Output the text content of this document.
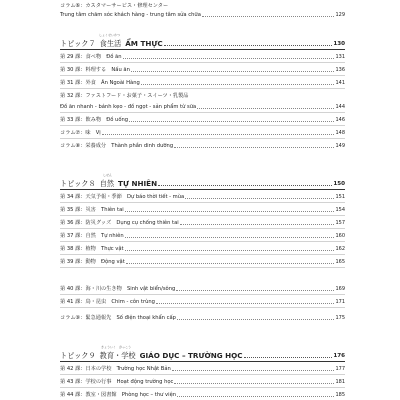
コラム⑥：カスタマーサービス・修理センター
Trung tâm chăm sóc khách hàng - trung tâm sửa chữa	129
しょくせいかつ
トピック７ 食生活 ẨM THỰC	130
第 29 課：食べ物　Đồ ăn	131
第 30 課：料理する　Nấu ăn	136
第 31 課：外食　Ăn Ngoài Hàng	141
第 32 課：ファストフード・お菓子・スイーツ・乳製品
Đồ ăn nhanh - bánh kẹo - đồ ngọt - sản phẩm từ sữa	144
第 33 課：飲み物　Đồ uống	146
コラム⑦：味　Vị	148
コラム⑧：栄養成分　Thành phần dinh dưỡng	149
しぜん
トピック８ 自然 TỰ NHIÊN	150
第 34 課：天気予報・季節　Dự báo thời tiết - mùa	151
第 35 課：災害　Thiên tai	154
第 36 課：防災グッズ　Dụng cụ chống thiên tai	157
第 37 課：自然　Tự nhiên	160
第 38 課：植物　Thực vật	162
第 39 課：動物　Động vật	165
第 40 課：海・川の生き物　Sinh vật biển/sông	169
第 41 課：鳥・昆虫　Chim - côn trùng	171
コラム⑨：緊急通報先　Số điện thoại khẩn cấp	175
きょういく　がっこう
トピック９ 教育・学校 GIÁO DỤC – TRƯỜNG HỌC	176
第 42 課：日本の学校　Trường học Nhật Bản	177
第 43 課：学校の行事　Hoạt động trường học	181
第 44 課：教室・図書館　Phòng học – thư viện	185
